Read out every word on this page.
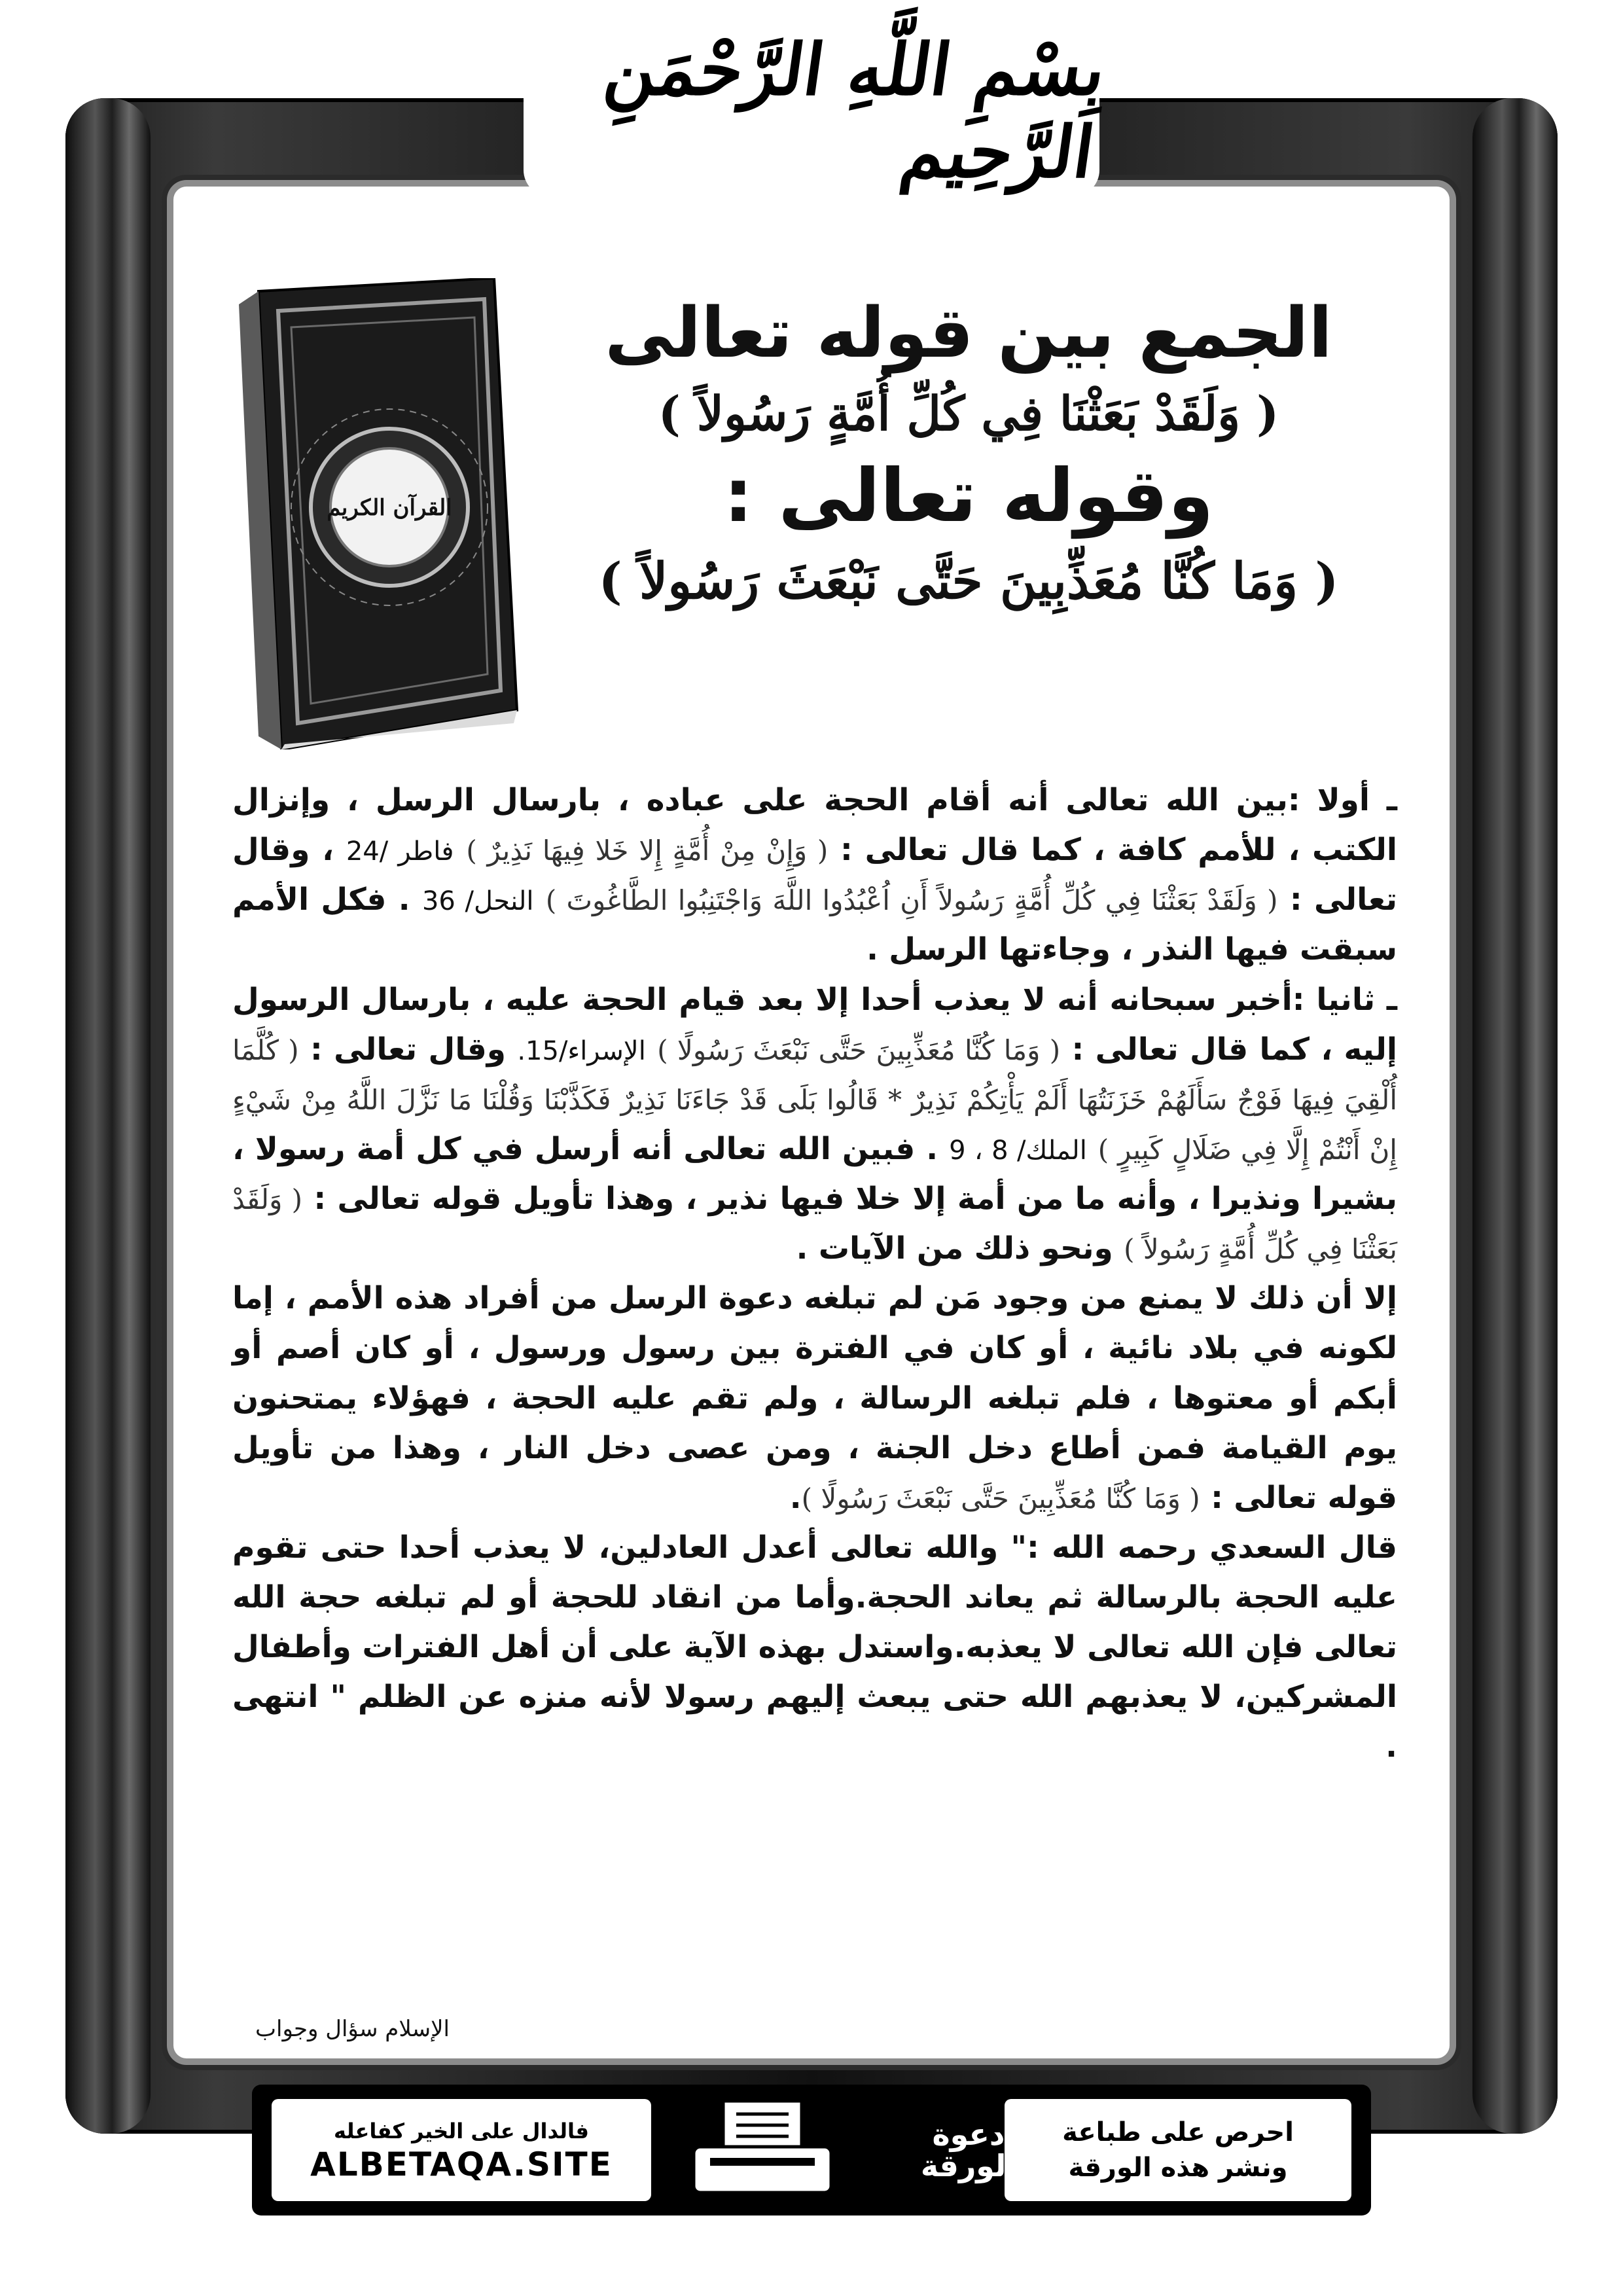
بِسْمِ اللَّهِ الرَّحْمَنِ الرَّحِيم
القرآن الكريم

الجمع بين قوله تعالى

( وَلَقَدْ بَعَثْنَا فِي كُلِّ أُمَّةٍ رَسُولاً )

وقوله تعالى :

( وَمَا كُنَّا مُعَذِّبِينَ حَتَّى نَبْعَثَ رَسُولاً )

ـ أولا :بين الله تعالى أنه أقام الحجة على عباده ، بارسال الرسل ، وإنزال الكتب ، للأمم كافة ، كما قال تعالى : ( وَإِنْ مِنْ أُمَّةٍ إِلا خَلا فِيهَا نَذِيرٌ ) فاطر /24 ، وقال تعالى : ( وَلَقَدْ بَعَثْنَا فِي كُلِّ أُمَّةٍ رَسُولاً أَنِ اُعْبُدُوا اللَّهَ وَاجْتَنِبُوا الطَّاغُوتَ ) النحل/ 36 . فكل الأمم سبقت فيها النذر ، وجاءتها الرسل .

ـ ثانيا :أخبر سبحانه أنه لا يعذب أحدا إلا بعد قيام الحجة عليه ، بارسال الرسول إليه ، كما قال تعالى : ( وَمَا كُنَّا مُعَذِّبِينَ حَتَّى نَبْعَثَ رَسُولًا ) الإسراء/15. وقال تعالى : ( كُلَّمَا أُلْقِيَ فِيهَا فَوْجٌ سَأَلَهُمْ خَزَنَتُهَا أَلَمْ يَأْتِكُمْ نَذِيرٌ * قَالُوا بَلَى قَدْ جَاءَنَا نَذِيرٌ فَكَذَّبْنَا وَقُلْنَا مَا نَزَّلَ اللَّهُ مِنْ شَيْءٍ إِنْ أَنْتُمْ إِلَّا فِي ضَلَالٍ كَبِيرٍ ) الملك/ 8 ، 9 . فبين الله تعالى أنه أرسل في كل أمة رسولا ، بشيرا ونذيرا ، وأنه ما من أمة إلا خلا فيها نذير ، وهذا تأويل قوله تعالى : ( وَلَقَدْ بَعَثْنَا فِي كُلِّ أُمَّةٍ رَسُولاً ) ونحو ذلك من الآيات .

إلا أن ذلك لا يمنع من وجود مَن لم تبلغه دعوة الرسل من أفراد هذه الأمم ، إما لكونه في بلاد نائية ، أو كان في الفترة بين رسول ورسول ، أو كان أصم أو أبكم أو معتوها ، فلم تبلغه الرسالة ، ولم تقم عليه الحجة ، فهؤلاء يمتحنون يوم القيامة فمن أطاع دخل الجنة ، ومن عصى دخل النار ، وهذا من تأويل قوله تعالى : ( وَمَا كُنَّا مُعَذِّبِينَ حَتَّى نَبْعَثَ رَسُولًا ).

قال السعدي رحمه الله :" والله تعالى أعدل العادلين، لا يعذب أحدا حتى تقوم عليه الحجة بالرسالة ثم يعاند الحجة.وأما من انقاد للحجة أو لم تبلغه حجة الله تعالى فإن الله تعالى لا يعذبه.واستدل بهذه الآية على أن أهل الفترات وأطفال المشركين، لا يعذبهم الله حتى يبعث إليهم رسولا لأنه منزه عن الظلم " انتهى .

الإسلام سؤال وجواب
احرص على طباعة
ونشر هذه الورقة
دعوة
الورقة
فالدال على الخير كفاعله
ALBETAQA.SITE
